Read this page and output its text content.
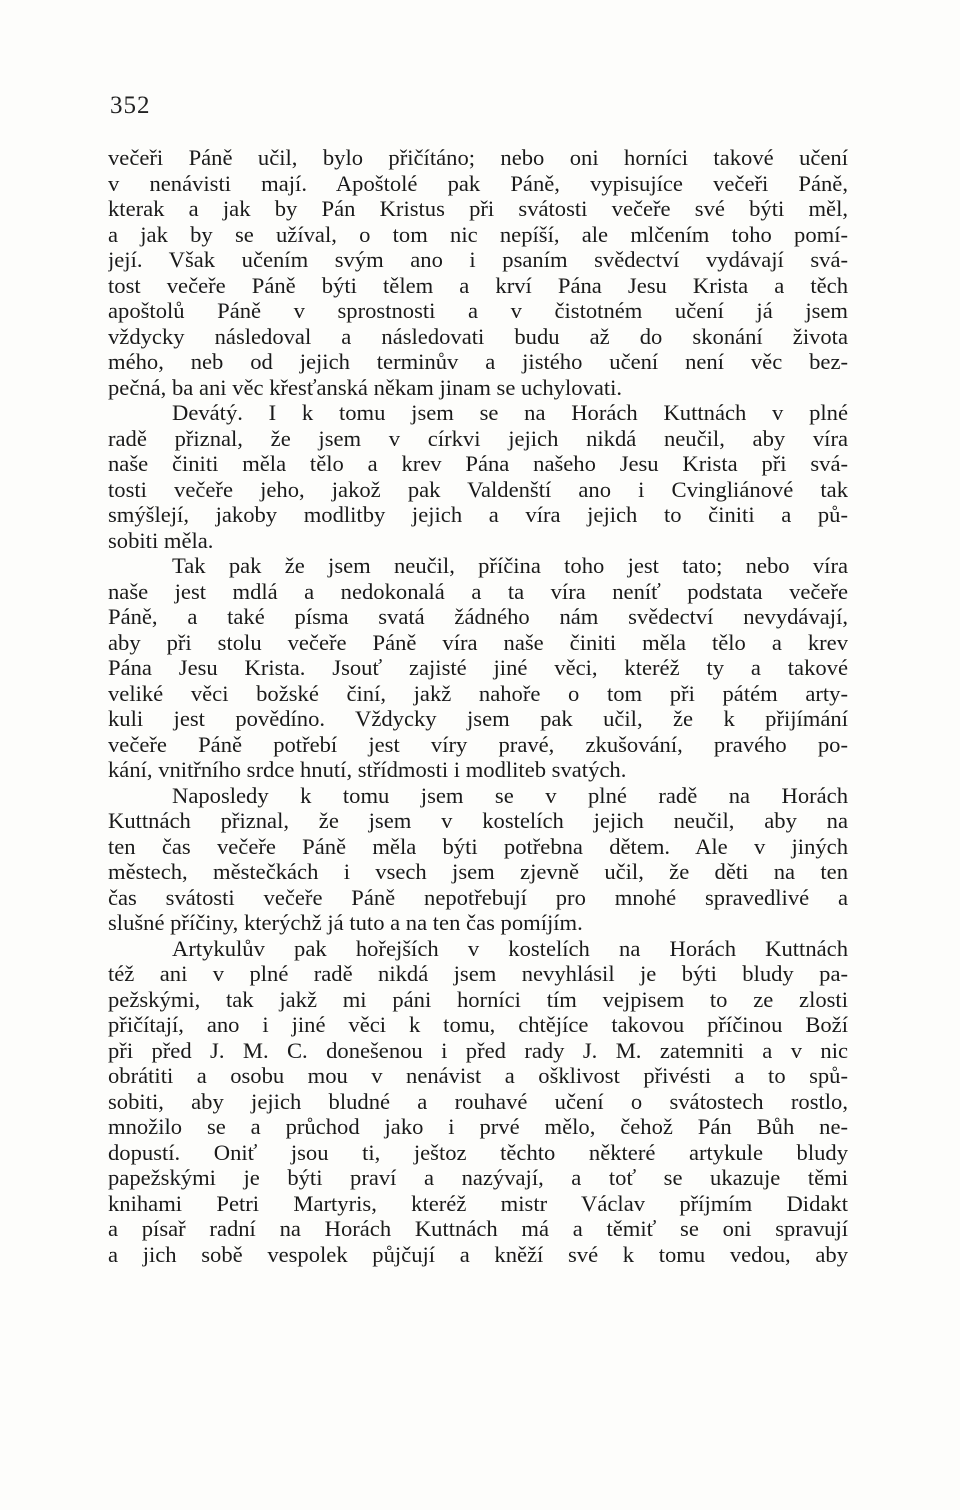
352
večeři Páně učil, bylo přičítáno; nebo oni horníci takové učení
v nenávisti mají. Apoštolé pak Páně, vypisujíce večeři Páně,
kterak a jak by Pán Kristus při svátosti večeře své býti měl,
a jak by se užíval, o tom nic nepíší, ale mlčením toho pomí-
její. Však učením svým ano i psaním svědectví vydávají svá-
tost večeře Páně býti tělem a krví Pána Jesu Krista a těch
apoštolů Páně v sprostnosti a v čistotném učení já jsem
vždycky následoval a následovati budu až do skonání života
mého, neb od jejich terminův a jistého učení není věc bez-
pečná, ba ani věc křesťanská někam jinam se uchylovati.
Devátý. I k tomu jsem se na Horách Kuttnách v plné
radě přiznal, že jsem v církvi jejich nikdá neučil, aby víra
naše činiti měla tělo a krev Pána našeho Jesu Krista při svá-
tosti večeře jeho, jakož pak Valdenští ano i Cvingliánové tak
smýšlejí, jakoby modlitby jejich a víra jejich to činiti a pů-
sobiti měla.
Tak pak že jsem neučil, příčina toho jest tato; nebo víra
naše jest mdlá a nedokonalá a ta víra neníť podstata večeře
Páně, a také písma svatá žádného nám svědectví nevydávají,
aby při stolu večeře Páně víra naše činiti měla tělo a krev
Pána Jesu Krista. Jsouť zajisté jiné věci, kteréž ty a takové
veliké věci božské činí, jakž nahoře o tom při pátém arty-
kuli jest povědíno. Vždycky jsem pak učil, že k přijímání
večeře Páně potřebí jest víry pravé, zkušování, pravého po-
kání, vnitřního srdce hnutí, střídmosti i modliteb svatých.
Naposledy k tomu jsem se v plné radě na Horách
Kuttnách přiznal, že jsem v kostelích jejich neučil, aby na
ten čas večeře Páně měla býti potřebna dětem. Ale v jiných
městech, městečkách i vsech jsem zjevně učil, že děti na ten
čas svátosti večeře Páně nepotřebují pro mnohé spravedlivé a
slušné příčiny, kterýchž já tuto a na ten čas pomíjím.
Artykulův pak hořejších v kostelích na Horách Kuttnách
též ani v plné radě nikdá jsem nevyhlásil je býti bludy pa-
pežskými, tak jakž mi páni horníci tím vejpisem to ze zlosti
přičítají, ano i jiné věci k tomu, chtějíce takovou příčinou Boží
při před J. M. C. donešenou i před rady J. M. zatemniti a v nic
obrátiti a osobu mou v nenávist a ošklivost přivésti a to spů-
sobiti, aby jejich bludné a rouhavé učení o svátostech rostlo,
množilo se a průchod jako i prvé mělo, čehož Pán Bůh ne-
dopustí. Oniť jsou ti, ještoz těchto některé artykule bludy
papežskými je býti praví a nazývají, a toť se ukazuje těmi
knihami Petri Martyris, kteréž mistr Václav příjmím Didakt
a písař radní na Horách Kuttnách má a těmiť se oni spravují
a jich sobě vespolek půjčují a kněží své k tomu vedou, aby
